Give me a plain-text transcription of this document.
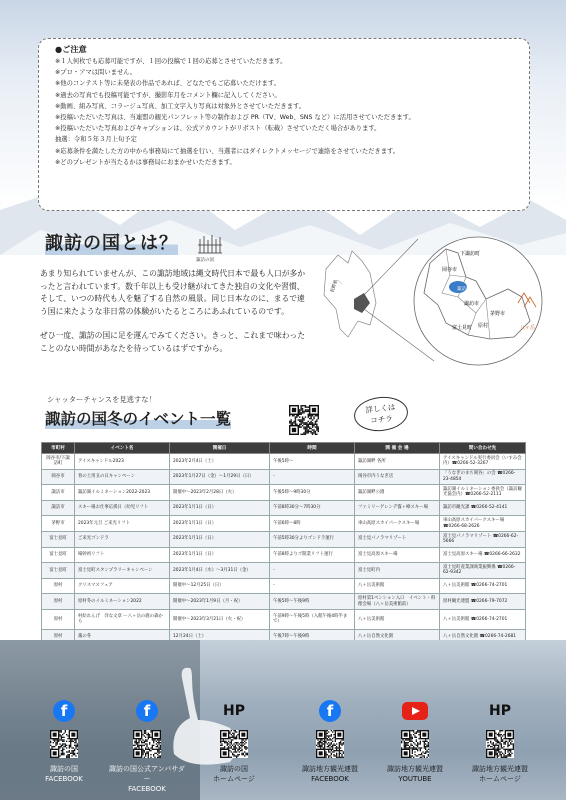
●ご注意

※１人何枚でも応募可能ですが、１回の投稿で１回の応募とさせていただきます。

※プロ・アマは問いません。

※他のコンテスト等に未発表の作品であれば、どなたでもご応募いただけます。

※過去の写真でも投稿可能ですが、撮影年月をコメント欄に記入してください。

※動画、組み写真、コラージュ写真、加工文字入り写真は対象外とさせていただきます。

※投稿いただいた写真は、当連盟の観光パンフレット等の制作および PR（TV、Web、SNS など）に活用させていただきます。

※投稿いただいた写真およびキャプションは、公式アカウントがリポスト（転載）させていただく場合があります。

抽選：令和５年３月上旬予定

※応募条件を満たした方の中から事務局にて抽選を行い、当選者にはダイレクトメッセージで連絡をさせていただきます。

※どのプレゼントが当たるかは事務局におまかせいただきます。

諏訪の国とは？
諏訪の国

あまり知られていませんが、この諏訪地域は縄文時代日本で最も人口が多かったと言われています。数千年以上も受け継がれてきた独自の文化や習慣、そして、いつの時代も人を魅了する自然の風景。同じ日本なのに、まるで違う国に来たような非日常の体験がいたるところにあふれているのです。

ぜひ一度、諏訪の国に足を運んでみてください。きっと、これまで味わったことのない時間があなたを待っているはずですから。

下諏訪町
岡谷市
諏訪湖
諏訪市
茅野市
原村
富士見町	八ヶ岳
長野県
シャッターチャンスを見逃すな！
諏訪の国冬のイベント一覧
詳しくは
コチラ
市町村	イベント名	開催日	時間	開 催 会 場	問い合わせ先
岡谷市/下諏訪町	アイスキャンドル2023	2023年2月4日（土）	午後5時〜	諏訪湖畔 各所	アイスキャンドル実行委員会（いすみ会内）☎0266-52-3267
岡谷市	春の土用丑の日キャンペーン	2023年1月27日（金）〜1月29日（日）	-	岡谷市内うなぎ店	「うなぎのまち岡谷」の会 ☎0266-23-4854
諏訪市	諏訪湖イルミネーション2022-2023	開催中〜2023年2月28日（火）	午後5時〜9時30分	諏訪湖畔公園	諏訪湖イルミネーション委員会（諏訪観光協会内）☎0266-52-2111
諏訪市	スキー場お仕事応援日（幼児リフト	2023年1月1日（日）	午前8時30分〜7時30分	ファミリーゲレンデ霧ヶ峰スキー場	諏訪市観光課 ☎0266-52-4141
茅野市	2023年元旦 ご来光リフト	2023年1月1日（日）	午前6時〜8時	車山高原スカイパークスキー場	車山高原スカイパークスキー場 ☎0266-68-2626
富士見町	ご来光ゴンドラ	2023年1月1日（日）	午前5時30分よりゴンドラ運行	富士見パノラマリゾート	富士見パノラマリゾート ☎0266-62-5666
富士見町	場幹初リフト	2023年1月1日（日）	午前8時よりゴ開業リフト運行	富士見高原スキー場	富士見高原スキー場 ☎0266-66-2632
富士見町	富士見町スタンプラリーキャンペーン	2023年1月4日（水）〜3月31日（金）	-	富士見町内	富士見町産業課商業振興係 ☎0266-62-9342
原村	クリスマスフェア	開催中〜12月25日（日）	-	八ヶ岳美術館	八ヶ岳美術館 ☎0266-74-2701
原村	原村冬のイルミネーション2022	開催中〜2023年1月9日（月・祝）	午後5時〜午後9時	原村第1ペンション入口　イベント・料理会場（八ヶ岳美術館前）	原村観光連盟 ☎0266-79-7072
原村	村絵れんげ　洋な文章 ー八ヶ岳の鹿の森から	開催中〜2023年3月21日（火・祝）	午前9時〜午後5時（入館午後4時半まで）	八ヶ岳美術館	八ヶ岳美術館 ☎0266-74-2701
原村	藁の冬	12月24日（土）	午後7時〜午後9時	八ヶ岳自然文化園	八ヶ岳自然文化園 ☎0266-74-2681

f
諏訪の国
FACEBOOK
f
諏訪の国公式アンバサダー
FACEBOOK
HP
諏訪の国
ホームページ
f
諏訪地方観光連盟
FACEBOOK
諏訪地方観光連盟
YOUTUBE
HP
諏訪地方観光連盟
ホームページ
